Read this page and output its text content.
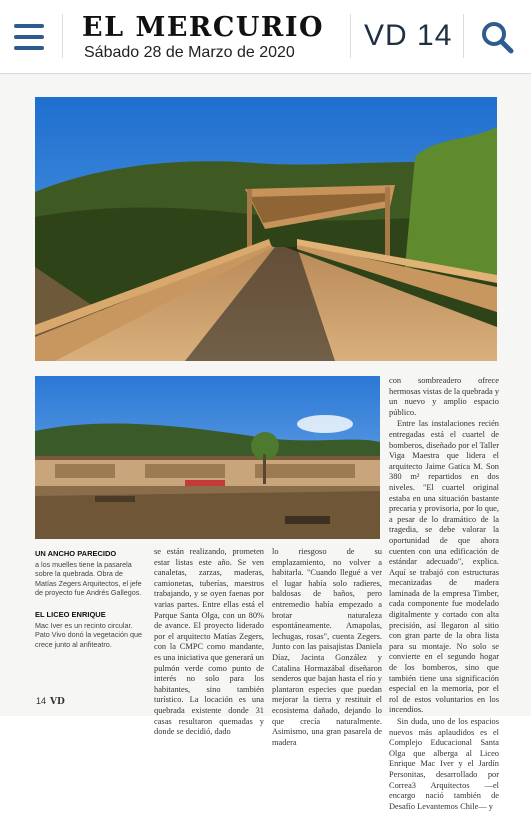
EL MERCURIO
Sábado 28 de Marzo de 2020
VD 14

con sombreadero ofrece hermosas vistas de la quebrada y un nuevo y amplio espacio público.

Entre las instalaciones recién entregadas está el cuartel de bomberos, diseñado por el Taller Viga Maestra que lidera el arquitecto Jaime Gatica M. Son 380 m² repartidos en dos niveles. "El cuartel original estaba en una situación bastante precaria y provisoria, por lo que, a pesar de lo dramático de la tragedia, se debe valorar la oportunidad de que ahora cuenten con una edificación de estándar adecuado", explica. Aquí se trabajó con estructuras mecanizadas de madera laminada de la empresa Timber, cada componente fue modelado digitalmente y cortado con alta precisión, así llegaron al sitio con gran parte de la obra lista para su montaje. No solo se convierte en el segundo hogar de los bomberos, sino que también tiene una significación especial en la memoria, por el rol de estos voluntarios en los incendios.

Sin duda, uno de los espacios nuevos más aplaudidos es el Complejo Educacional Santa Olga que alberga al Liceo Enrique Mac Iver y el Jardín Personitas, desarrollado por Correa3 Arquitectos —el encargo nació también de Desafío Levantemos Chile— y

UN ANCHO PARECIDO
a los muelles tiene la pasarela sobre la quebrada. Obra de Matías Zegers Arquitectos, el jefe de proyecto fue Andrés Gallegos.
EL LICEO ENRIQUE
Mac Iver es un recinto circular. Pato Vivo donó la vegetación que crece junto al anfiteatro.

se están realizando, prometen estar listas este año. Se ven canaletas, zarzas, maderas, camionetas, tuberías, maestros trabajando, y se oyen faenas por varias partes. Entre ellas está el Parque Santa Olga, con un 80% de avance. El proyecto liderado por el arquitecto Matías Zegers, con la CMPC como mandante, es una iniciativa que generará un pulmón verde como punto de interés no solo para los habitantes, sino también turístico. La locación es una quebrada existente donde 31 casas resultaron quemadas y donde se decidió, dado

lo riesgoso de su emplazamiento, no volver a habitarla. "Cuando llegué a ver el lugar había solo radieres, baldosas de baños, pero entremedio había empezado a brotar naturaleza espontáneamente. Amapolas, lechugas, rosas", cuenta Zegers. Junto con las paisajistas Daniela Díaz, Jacinta González y Catalina Hormazábal diseñaron senderos que bajan hasta el río y plantaron especies que puedan mejorar la tierra y restituir el ecosistema dañado, dejando lo que crecía naturalmente. Asimismo, una gran pasarela de madera

14 VD
